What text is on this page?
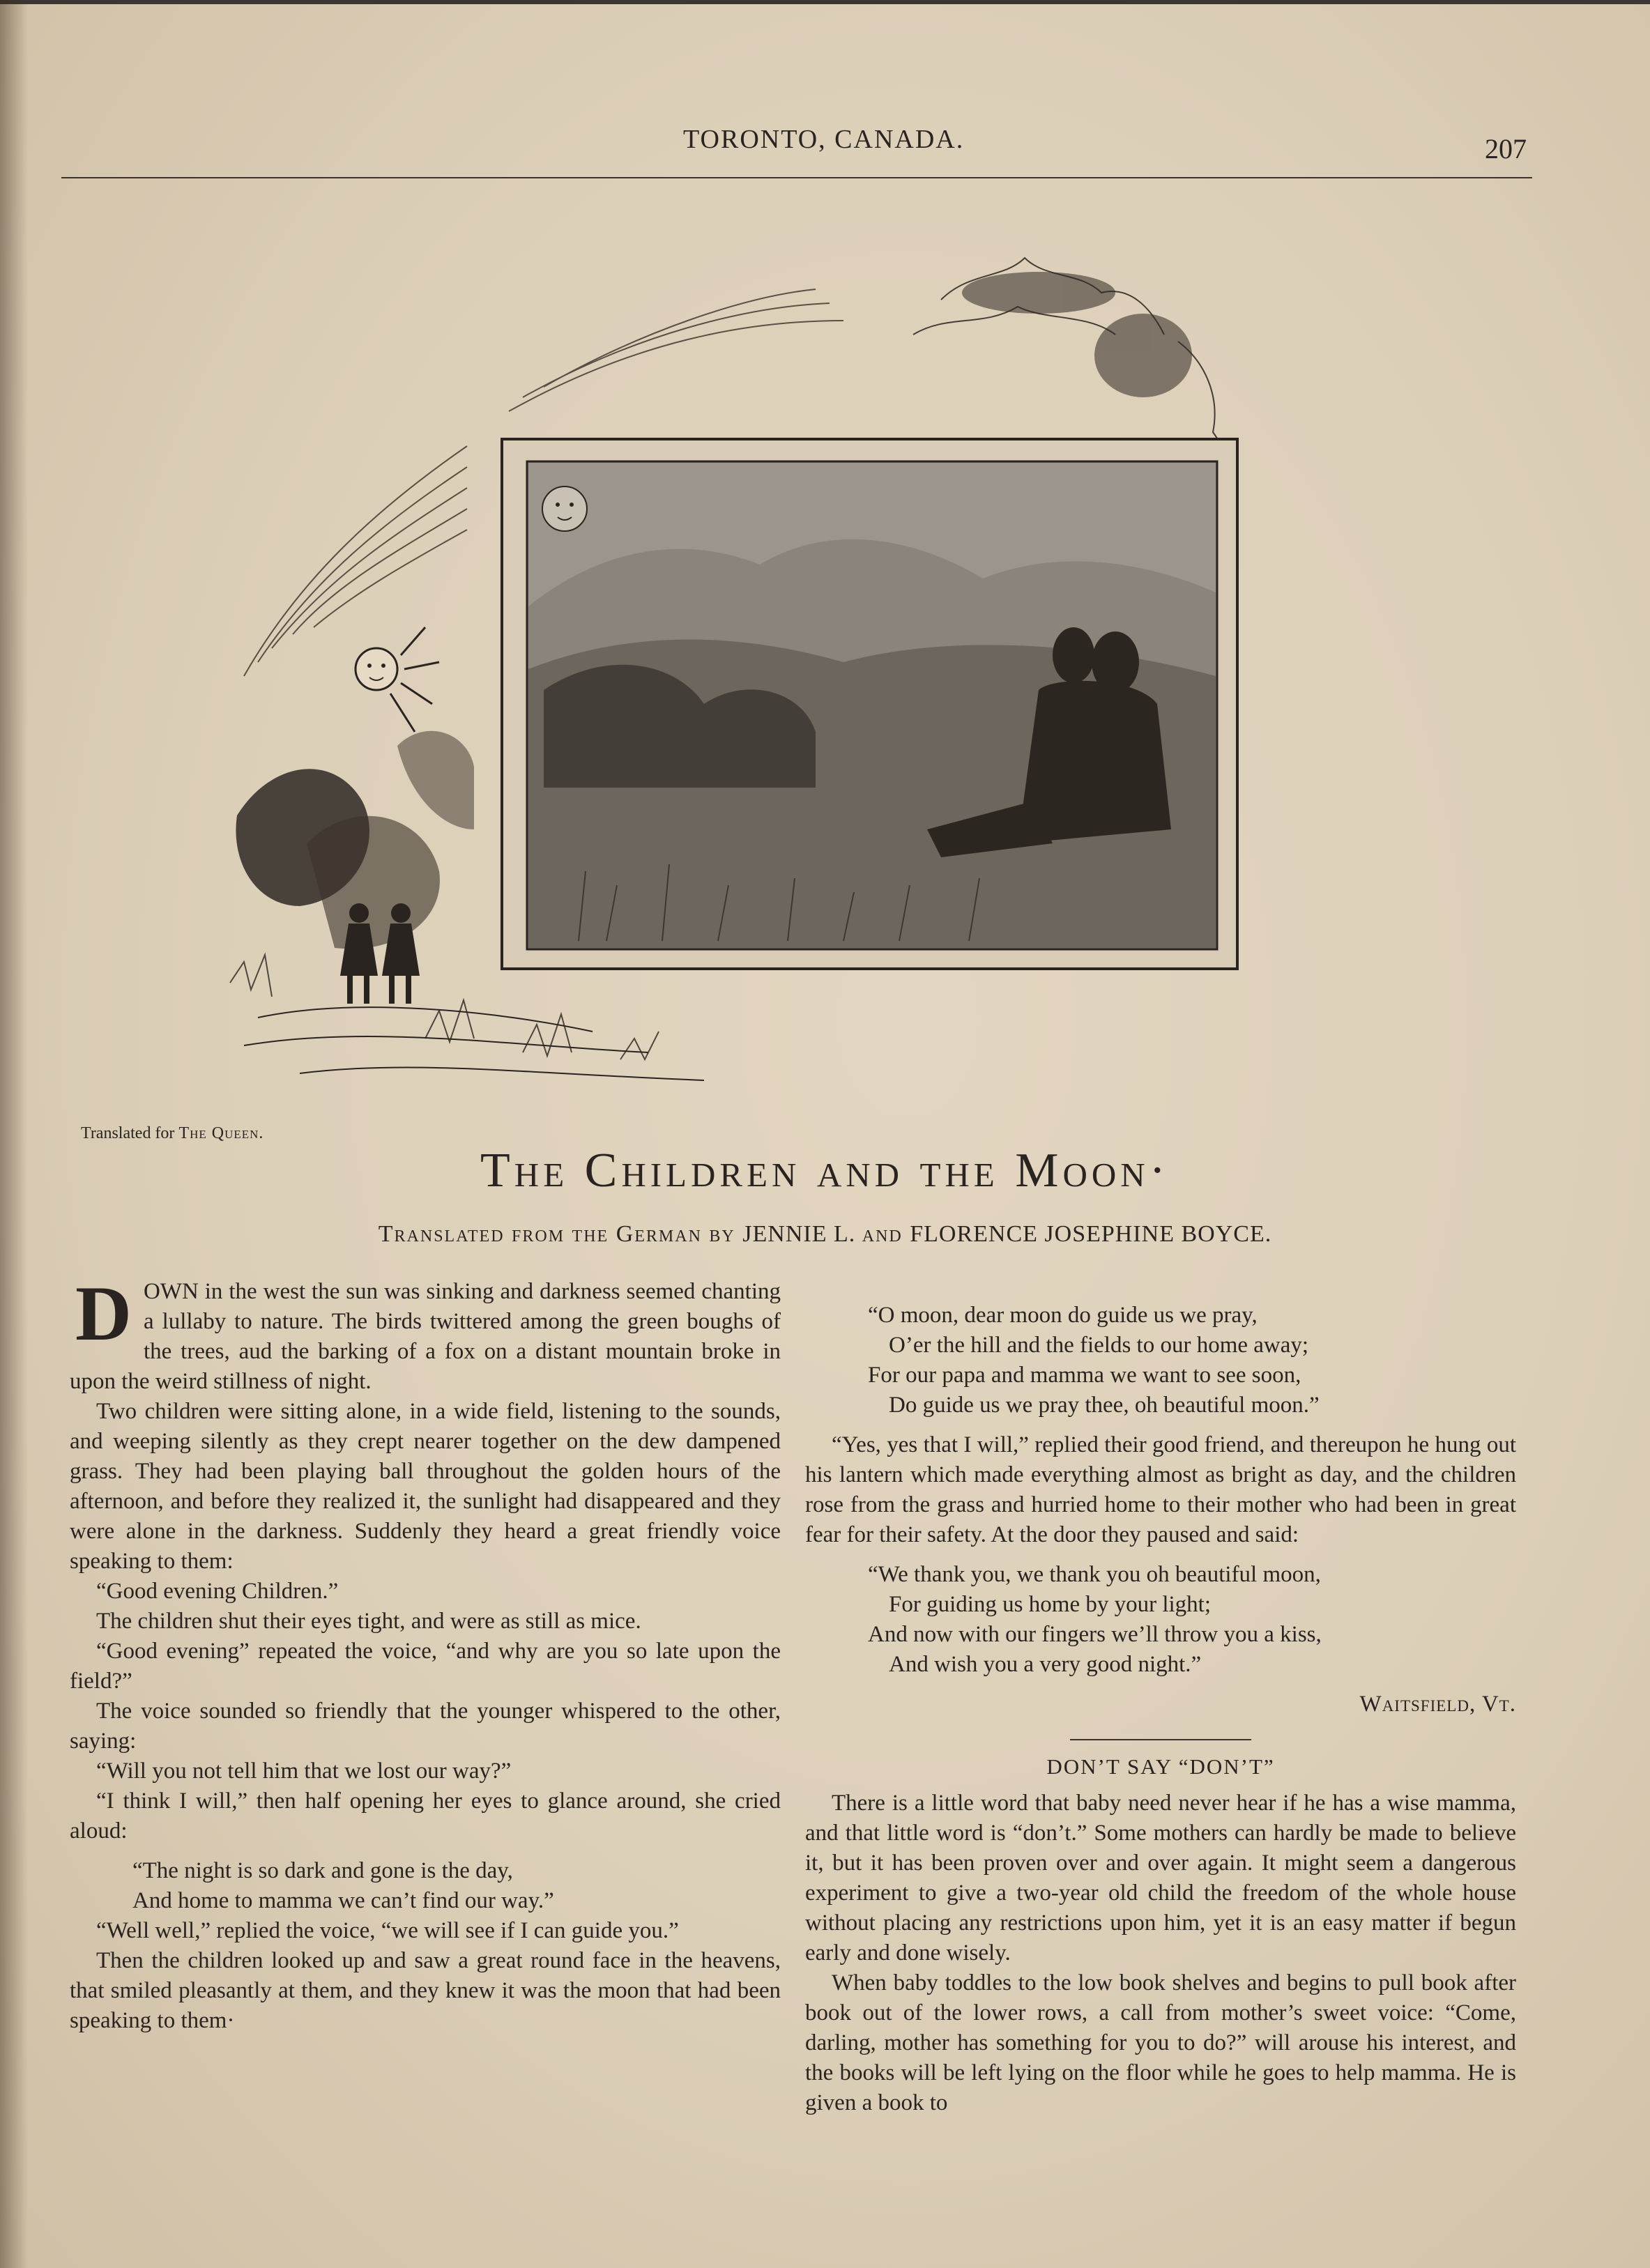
TORONTO, CANADA.	207
Translated for The Queen.
The Children and the Moon·
Translated from the German by JENNIE L. and FLORENCE JOSEPHINE BOYCE.

D OWN in the west the sun was sinking and darkness seemed chanting a lullaby to nature. The birds twittered among the green boughs of the trees, aud the barking of a fox on a distant mountain broke in upon the weird stillness of night.

Two children were sitting alone, in a wide field, listening to the sounds, and weeping silently as they crept nearer together on the dew dampened grass. They had been playing ball throughout the golden hours of the afternoon, and before they realized it, the sunlight had disappeared and they were alone in the darkness. Suddenly they heard a great friendly voice speaking to them:

“Good evening Children.”

The children shut their eyes tight, and were as still as mice.

“Good evening” repeated the voice, “and why are you so late upon the field?”

The voice sounded so friendly that the younger whispered to the other, saying:

“Will you not tell him that we lost our way?”

“I think I will,” then half opening her eyes to glance around, she cried aloud:

“The night is so dark and gone is the day,
And home to mamma we can’t find our way.”

“Well well,” replied the voice, “we will see if I can guide you.”

Then the children looked up and saw a great round face in the heavens, that smiled pleasantly at them, and they knew it was the moon that had been speaking to them·

“O moon, dear moon do guide us we pray,
O’er the hill and the fields to our home away;
For our papa and mamma we want to see soon,
Do guide us we pray thee, oh beautiful moon.”

“Yes, yes that I will,” replied their good friend, and thereupon he hung out his lantern which made everything almost as bright as day, and the children rose from the grass and hurried home to their mother who had been in great fear for their safety. At the door they paused and said:

“We thank you, we thank you oh beautiful moon,
For guiding us home by your light;
And now with our fingers we’ll throw you a kiss,
And wish you a very good night.”

Waitsfield, Vt.

DON’T SAY “DON’T”

There is a little word that baby need never hear if he has a wise mamma, and that little word is “don’t.” Some mothers can hardly be made to believe it, but it has been proven over and over again. It might seem a dangerous experiment to give a two-year old child the freedom of the whole house without placing any restrictions upon him, yet it is an easy matter if begun early and done wisely.

When baby toddles to the low book shelves and begins to pull book after book out of the lower rows, a call from mother’s sweet voice: “Come, darling, mother has something for you to do?” will arouse his interest, and the books will be left lying on the floor while he goes to help mamma. He is given a book to
